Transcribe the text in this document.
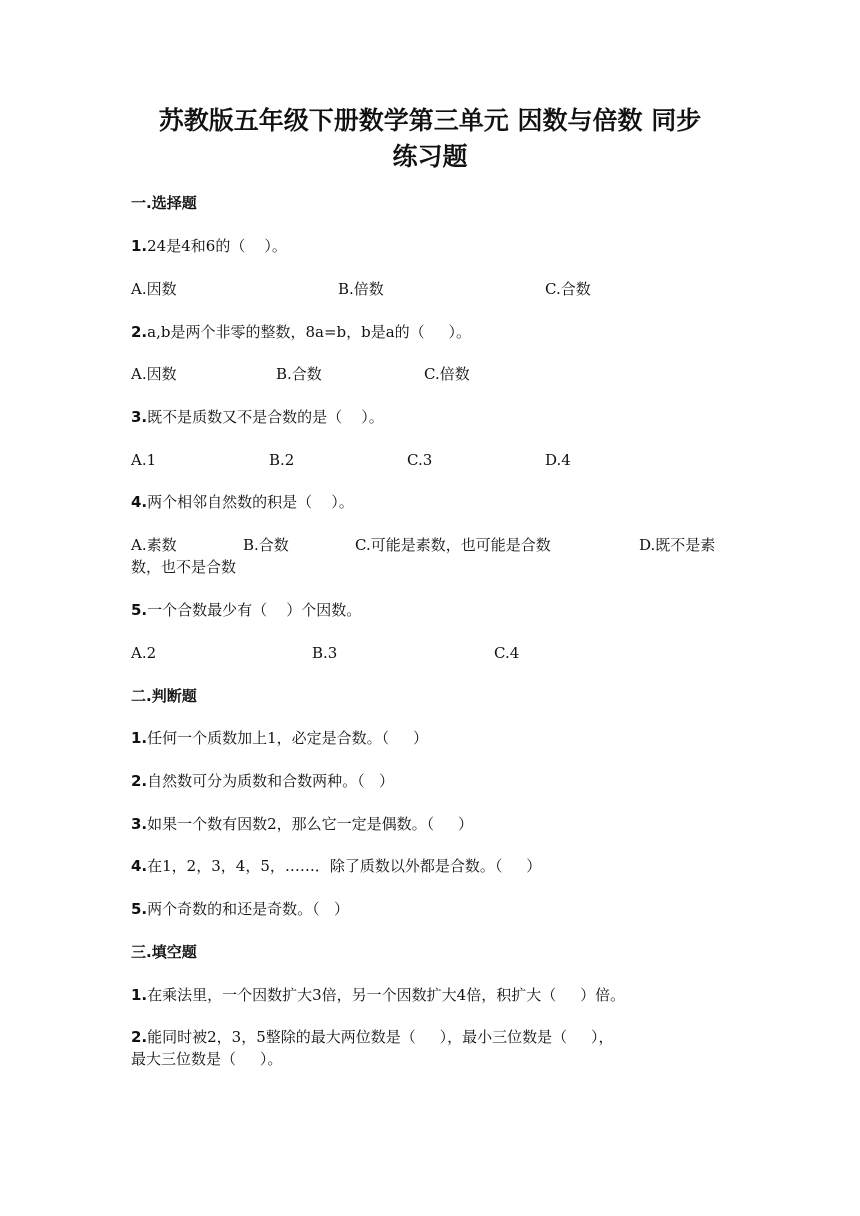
苏教版五年级下册数学第三单元 因数与倍数 同步
练习题
一.选择题
1.24是4和6的（    ）。
A.因数	B.倍数	C.合数
2.a,b是两个非零的整数，8a=b，b是a的（     ）。
A.因数	B.合数	C.倍数
3.既不是质数又不是合数的是（    ）。
A.1	B.2	C.3	D.4
4.两个相邻自然数的积是（    ）。
A.素数	B.合数	C.可能是素数，也可能是合数	D.既不是素
数，也不是合数
5.一个合数最少有（    ）个因数。
A.2	B.3	C.4
二.判断题
1.任何一个质数加上1，必定是合数。（     ）
2.自然数可分为质数和合数两种。（   ）
3.如果一个数有因数2，那么它一定是偶数。（     ）
4.在1，2，3，4，5，……．除了质数以外都是合数。（     ）
5.两个奇数的和还是奇数。（   ）
三.填空题
1.在乘法里，一个因数扩大3倍，另一个因数扩大4倍，积扩大（     ）倍。
2.能同时被2，3，5整除的最大两位数是（     ），最小三位数是（     ），
最大三位数是（     ）。
